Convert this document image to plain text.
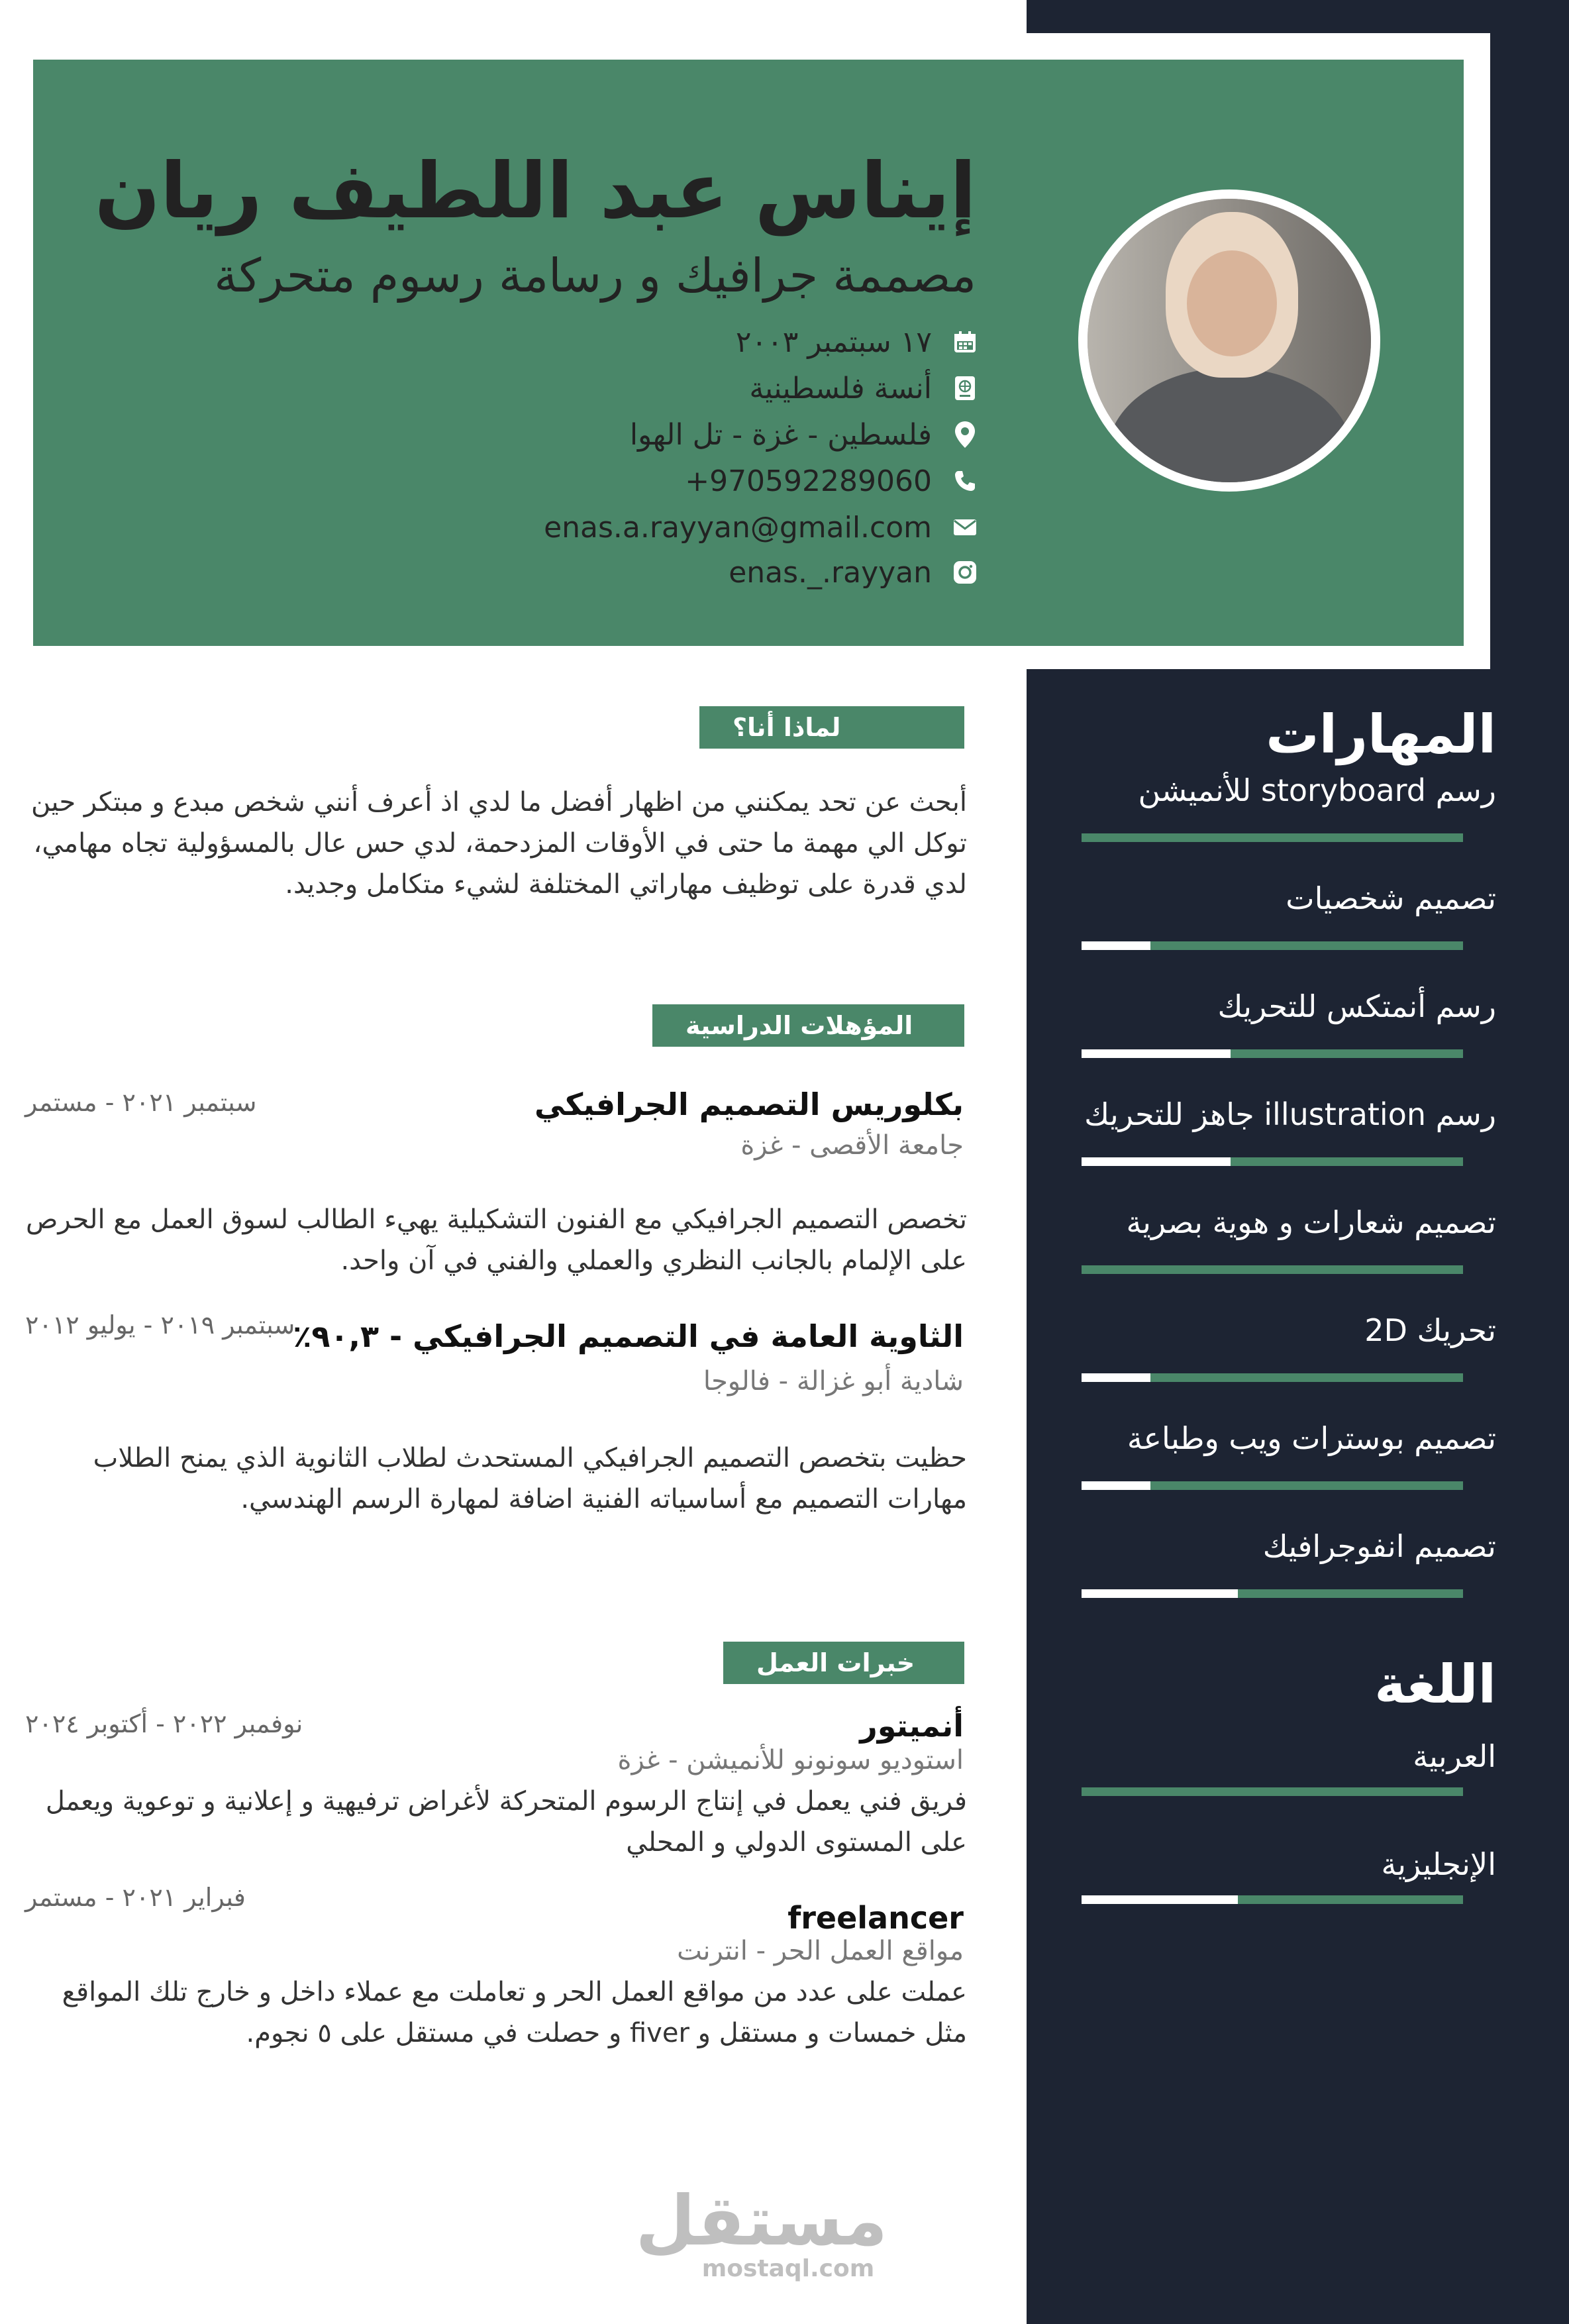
إيناس عبد اللطيف ريان
مصممة جرافيك و رسامة رسوم متحركة
١٧ سبتمبر ٢٠٠٣
أنسة فلسطينية
فلسطين - غزة - تل الهوا
+970592289060
enas.a.rayyan@gmail.com
enas._.rayyan
لماذا أنا؟
أبحث عن تحد يمكنني من اظهار أفضل ما لدي اذ أعرف أنني شخص مبدع و مبتكر حين توكل الي مهمة ما حتى في الأوقات المزدحمة، لدي حس عال بالمسؤولية تجاه مهامي، لدي قدرة على توظيف مهاراتي المختلفة لشيء متكامل وجديد.
المؤهلات الدراسية
بكلوريس التصميم الجرافيكي
سبتمبر ٢٠٢١ - مستمر
جامعة الأقصى - غزة
تخصص التصميم الجرافيكي مع الفنون التشكيلية يهيء الطالب لسوق العمل مع الحرص على الإلمام بالجانب النظري والعملي والفني في آن واحد.
الثاوية العامة في التصميم الجرافيكي - ٩٠,٣٪
سبتمبر ٢٠١٩ - يوليو ٢٠١٢
شادية أبو غزالة - فالوجا
حظيت بتخصص التصميم الجرافيكي المستحدث لطلاب الثانوية الذي يمنح الطلاب مهارات التصميم مع أساسياته الفنية اضافة لمهارة الرسم الهندسي.
خبرات العمل
أنميتور
نوفمبر ٢٠٢٢ - أكتوبر ٢٠٢٤
استوديو سونونو للأنميشن - غزة
فريق فني يعمل في إنتاج الرسوم المتحركة لأغراض ترفيهية و إعلانية و توعوية ويعمل على المستوى الدولي و المحلي
freelancer
فبراير ٢٠٢١ - مستمر
مواقع العمل الحر - انترنت
عملت على عدد من مواقع العمل الحر و تعاملت مع عملاء داخل و خارج تلك المواقع مثل خمسات و مستقل و fiver و حصلت في مستقل على ٥ نجوم.
المهارات
رسم storyboard للأنميشن
تصميم شخصيات
رسم أنمتكس للتحريك
رسم illustration جاهز للتحريك
تصميم شعارات و هوية بصرية
تحريك 2D
تصميم بوسترات ويب وطباعة
تصميم انفوجرافيك
اللغة
العربية
الإنجليزية
مستقل
mostaql.com
